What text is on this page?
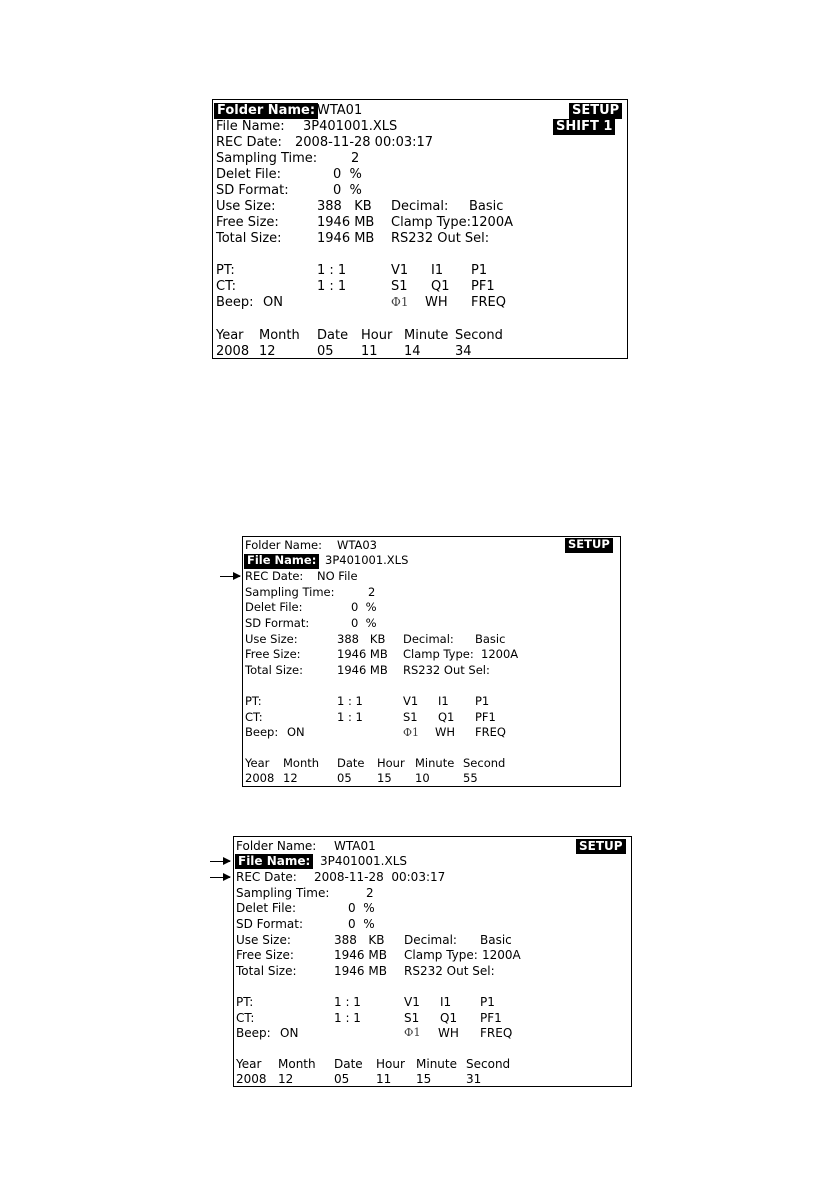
Folder Name: WTA01	SETUP
File Name: 3P401001.XLS	SHIFT 1
REC Date: 2008-11-28 00:03:17
Sampling Time:	2
Delet File:	0  %
SD Format:	0  %
Use Size:	388   KB Decimal: Basic
Free Size:	1946 MB Clamp Type: 1200A
Total Size:	1946 MB RS232 Out Sel:
PT:	1 : 1	V1 I1 P1
CT:	1 : 1	S1 Q1 PF1
Beep: ON	Φ1 WH FREQ
Year Month Date Hour Minute Second
2008 12	05 11 14	34
Folder Name: WTA03	SETUP
File Name: 3P401001.XLS
REC Date: NO File
Sampling Time:	2
Delet File:	0  %
SD Format:	0  %
Use Size:	388   KB Decimal: Basic
Free Size:	1946 MB Clamp Type: 1200A
Total Size:	1946 MB RS232 Out Sel:
PT:	1 : 1	V1 I1 P1
CT:	1 : 1	S1 Q1 PF1
Beep: ON	Φ1 WH FREQ
Year Month Date Hour Minute Second
2008 12	05 15 10	55
Folder Name: WTA01	SETUP
File Name: 3P401001.XLS
REC Date: 2008-11-28  00:03:17
Sampling Time:	2
Delet File:	0  %
SD Format:	0  %
Use Size:	388   KB Decimal: Basic
Free Size:	1946 MB Clamp Type: 1200A
Total Size:	1946 MB RS232 Out Sel:
PT:	1 : 1	V1 I1 P1
CT:	1 : 1	S1 Q1 PF1
Beep: ON	Φ1 WH FREQ
Year Month Date Hour Minute Second
2008 12	05 11 15	31
